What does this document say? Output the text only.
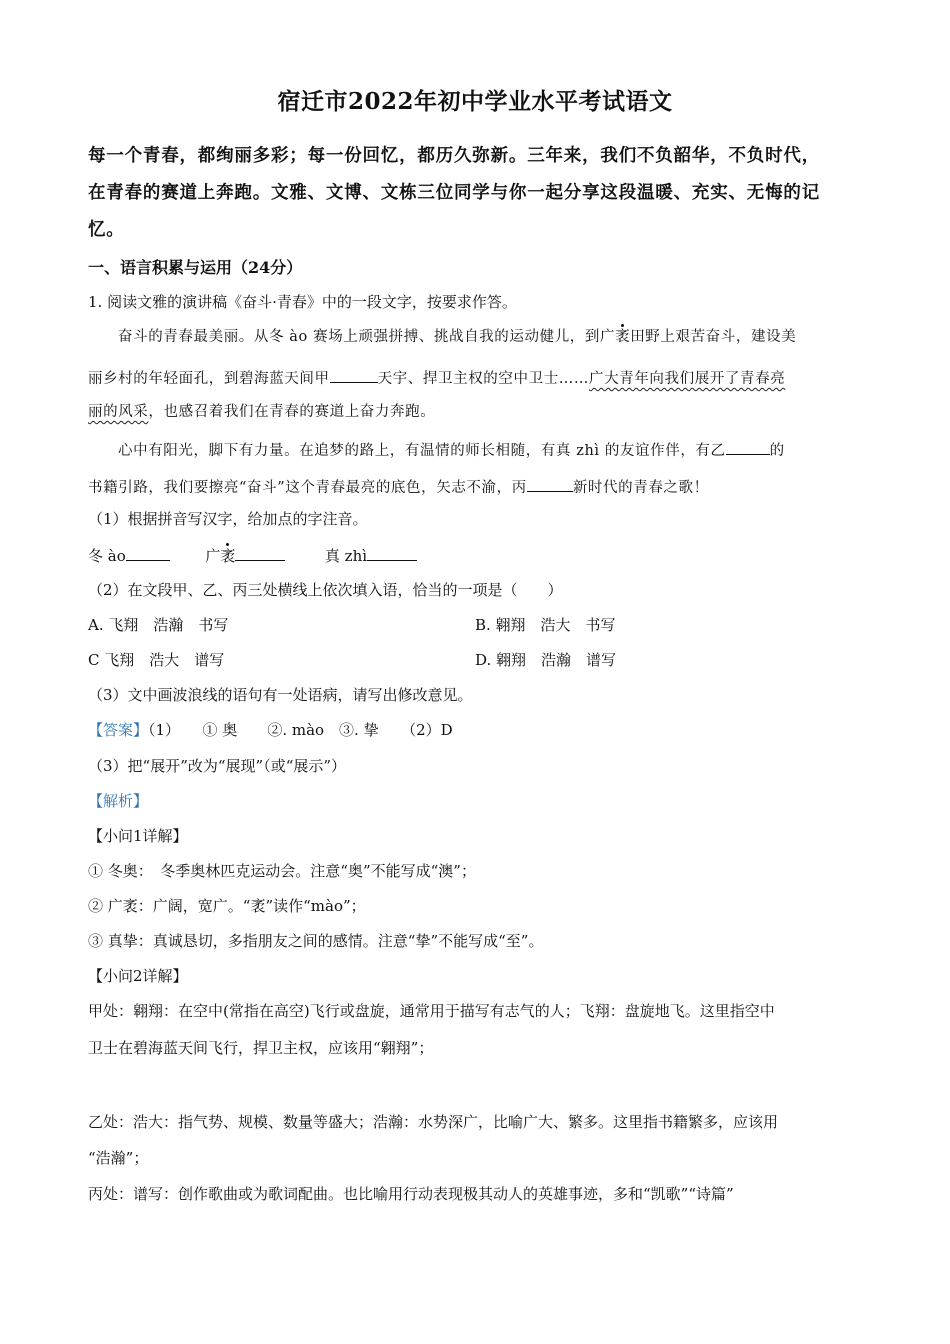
宿迁市2022年初中学业水平考试语文
每一个青春，都绚丽多彩；每一份回忆，都历久弥新。三年来，我们不负韶华，不负时代，
在青春的赛道上奔跑。文雅、文博、文栋三位同学与你一起分享这段温暖、充实、无悔的记
忆。
一、语言积累与运用（24分）
1. 阅读文雅的演讲稿《奋斗·青春》中的一段文字，按要求作答。
奋斗的青春最美丽。从冬 ào 赛场上顽强拼搏、挑战自我的运动健儿，到广袤田野上艰苦奋斗，建设美
丽乡村的年轻面孔，到碧海蓝天间甲	天宇、捍卫主权的空中卫士……广大青年向我们展开了青春亮
丽的风采，也感召着我们在青春的赛道上奋力奔跑。
心中有阳光，脚下有力量。在追梦的路上，有温情的师长相随，有真 zhì 的友谊作伴，有乙	的
书籍引路，我们要擦亮“奋斗”这个青春最亮的底色，矢志不渝，丙	新时代的青春之歌！
（1）根据拼音写汉字，给加点的字注音。
冬 ào	广袤	真 zhì
（2）在文段甲、乙、丙三处横线上依次填入语，恰当的一项是（　　）
A. 飞翔　浩瀚　书写	B. 翱翔　浩大　书写
C 飞翔　浩大　谱写	D. 翱翔　浩瀚　谱写
（3）文中画波浪线的语句有一处语病，请写出修改意见。
【答案】（1）　　① 奥　　②. mào　③. 挚　　（2）D
（3）把“展开”改为“展现”（或“展示”）
【解析】
【小问1详解】
① 冬奥：　冬季奥林匹克运动会。注意“奥”不能写成“澳”；
② 广袤：广阔，宽广。“袤”读作“mào”；
③ 真挚：真诚恳切，多指朋友之间的感情。注意“挚”不能写成“至”。
【小问2详解】
甲处：翱翔：在空中(常指在高空)飞行或盘旋，通常用于描写有志气的人；飞翔：盘旋地飞。这里指空中
卫士在碧海蓝天间飞行，捍卫主权，应该用“翱翔”；
乙处：浩大：指气势、规模、数量等盛大；浩瀚：水势深广，比喻广大、繁多。这里指书籍繁多，应该用
“浩瀚”；
丙处：谱写：创作歌曲或为歌词配曲。也比喻用行动表现极其动人的英雄事迹，多和“凯歌”“诗篇”
